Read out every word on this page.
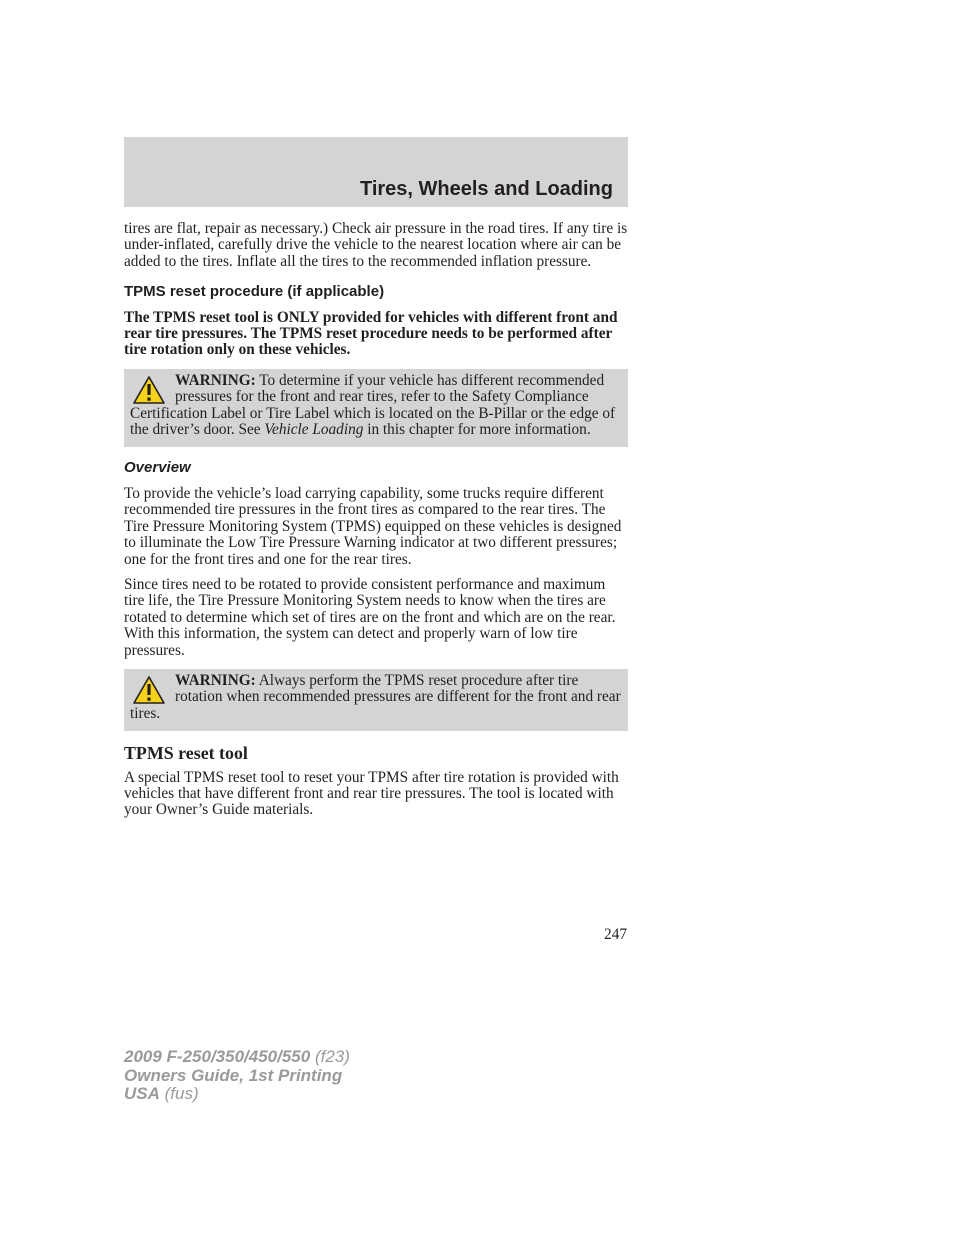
Tires, Wheels and Loading

tires are flat, repair as necessary.) Check air pressure in the road tires. If any tire is under-inflated, carefully drive the vehicle to the nearest location where air can be added to the tires. Inflate all the tires to the recommended inflation pressure.

TPMS reset procedure (if applicable)

The TPMS reset tool is ONLY provided for vehicles with different front and rear tire pressures. The TPMS reset procedure needs to be performed after tire rotation only on these vehicles.

WARNING: To determine if your vehicle has different recommended pressures for the front and rear tires, refer to the Safety Compliance Certification Label or Tire Label which is located on the B-Pillar or the edge of the driver’s door. See Vehicle Loading in this chapter for more information.
Overview

To provide the vehicle’s load carrying capability, some trucks require different recommended tire pressures in the front tires as compared to the rear tires. The Tire Pressure Monitoring System (TPMS) equipped on these vehicles is designed to illuminate the Low Tire Pressure Warning indicator at two different pressures; one for the front tires and one for the rear tires.

Since tires need to be rotated to provide consistent performance and maximum tire life, the Tire Pressure Monitoring System needs to know when the tires are rotated to determine which set of tires are on the front and which are on the rear. With this information, the system can detect and properly warn of low tire pressures.

WARNING: Always perform the TPMS reset procedure after tire rotation when recommended pressures are different for the front and rear tires.
TPMS reset tool

A special TPMS reset tool to reset your TPMS after tire rotation is provided with vehicles that have different front and rear tire pressures. The tool is located with your Owner’s Guide materials.

247
2009 F-250/350/450/550 (f23)
Owners Guide, 1st Printing
USA (fus)
